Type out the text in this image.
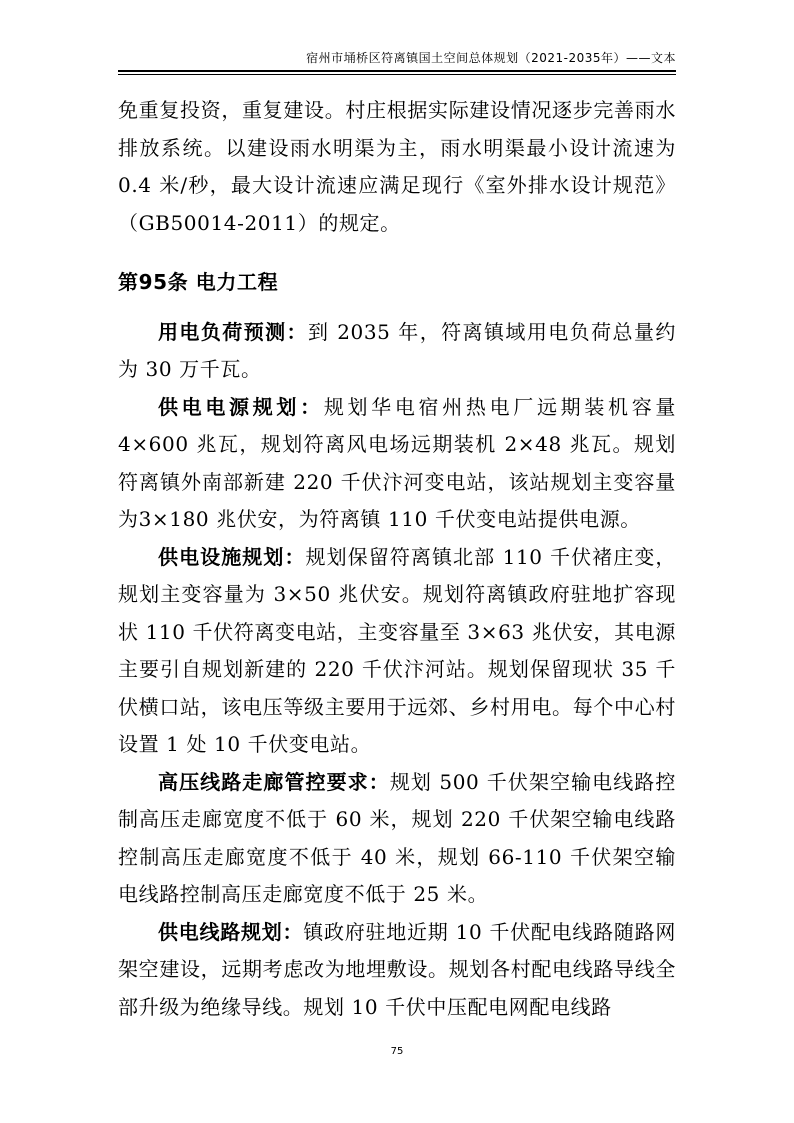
宿州市埇桥区符离镇国土空间总体规划（2021-2035年）——文本

免重复投资，重复建设。村庄根据实际建设情况逐步完善雨水排放系统。以建设雨水明渠为主，雨水明渠最小设计流速为 0.4 米/秒，最大设计流速应满足现行《室外排水设计规范》（GB50014-2011）的规定。

第95条 电力工程

用电负荷预测：到 2035 年，符离镇域用电负荷总量约为 30 万千瓦。

供电电源规划：规划华电宿州热电厂远期装机容量4×600 兆瓦，规划符离风电场远期装机 2×48 兆瓦。规划符离镇外南部新建 220 千伏汴河变电站，该站规划主变容量为3×180 兆伏安，为符离镇 110 千伏变电站提供电源。

供电设施规划：规划保留符离镇北部 110 千伏褚庄变，规划主变容量为 3×50 兆伏安。规划符离镇政府驻地扩容现状 110 千伏符离变电站，主变容量至 3×63 兆伏安，其电源主要引自规划新建的 220 千伏汴河站。规划保留现状 35 千伏横口站，该电压等级主要用于远郊、乡村用电。每个中心村设置 1 处 10 千伏变电站。

高压线路走廊管控要求：规划 500 千伏架空输电线路控制高压走廊宽度不低于 60 米，规划 220 千伏架空输电线路控制高压走廊宽度不低于 40 米，规划 66-110 千伏架空输电线路控制高压走廊宽度不低于 25 米。

供电线路规划：镇政府驻地近期 10 千伏配电线路随路网架空建设，远期考虑改为地埋敷设。规划各村配电线路导线全部升级为绝缘导线。规划 10 千伏中压配电网配电线路

75
